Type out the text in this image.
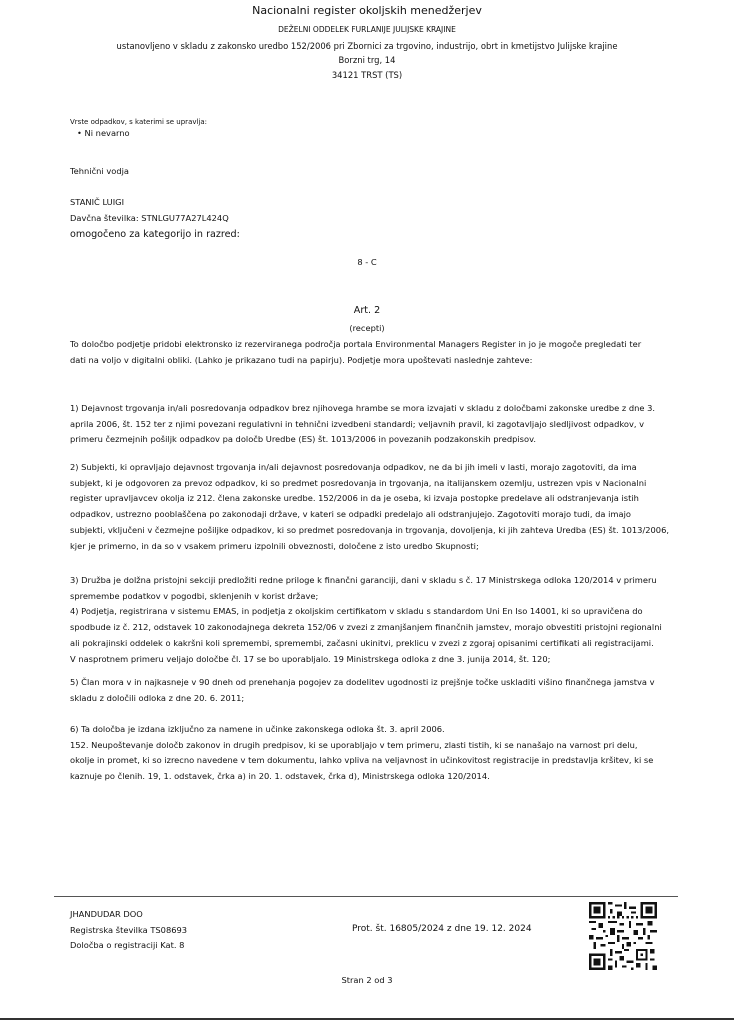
Nacionalni register okoljskih menedžerjev
DEŽELNI ODDELEK FURLANIJE JULIJSKE KRAJINE
ustanovljeno v skladu z zakonsko uredbo 152/2006 pri Zbornici za trgovino, industrijo, obrt in kmetijstvo Julijske krajine
Borzni trg, 14
34121 TRST (TS)
Vrste odpadkov, s katerimi se upravlja:
• Ni nevarno
Tehnični vodja
STANIČ LUIGI
Davčna številka: STNLGU77A27L424Q
omogočeno za kategorijo in razred:
8 - C
Art. 2
(recepti)
To določbo podjetje pridobi elektronsko iz rezerviranega področja portala Environmental Managers Register in jo je mogoče pregledati ter
dati na voljo v digitalni obliki. (Lahko je prikazano tudi na papirju). Podjetje mora upoštevati naslednje zahteve:
1) Dejavnost trgovanja in/ali posredovanja odpadkov brez njihovega hrambe se mora izvajati v skladu z določbami zakonske uredbe z dne 3.
aprila 2006, št. 152 ter z njimi povezani regulativni in tehnični izvedbeni standardi; veljavnih pravil, ki zagotavljajo sledljivost odpadkov, v
primeru čezmejnih pošiljk odpadkov pa določb Uredbe (ES) št. 1013/2006 in povezanih podzakonskih predpisov.
2) Subjekti, ki opravljajo dejavnost trgovanja in/ali dejavnost posredovanja odpadkov, ne da bi jih imeli v lasti, morajo zagotoviti, da ima
subjekt, ki je odgovoren za prevoz odpadkov, ki so predmet posredovanja in trgovanja, na italijanskem ozemlju, ustrezen vpis v Nacionalni
register upravljavcev okolja iz 212. člena zakonske uredbe. 152/2006 in da je oseba, ki izvaja postopke predelave ali odstranjevanja istih
odpadkov, ustrezno pooblaščena po zakonodaji države, v kateri se odpadki predelajo ali odstranjujejo. Zagotoviti morajo tudi, da imajo
subjekti, vključeni v čezmejne pošiljke odpadkov, ki so predmet posredovanja in trgovanja, dovoljenja, ki jih zahteva Uredba (ES) št. 1013/2006,
kjer je primerno, in da so v vsakem primeru izpolnili obveznosti, določene z isto uredbo Skupnosti;
3) Družba je dolžna pristojni sekciji predložiti redne priloge k finančni garanciji, dani v skladu s č. 17 Ministrskega odloka 120/2014 v primeru
spremembe podatkov v pogodbi, sklenjenih v korist države;
4) Podjetja, registrirana v sistemu EMAS, in podjetja z okoljskim certifikatom v skladu s standardom Uni En Iso 14001, ki so upravičena do
spodbude iz č. 212, odstavek 10 zakonodajnega dekreta 152/06 v zvezi z zmanjšanjem finančnih jamstev, morajo obvestiti pristojni regionalni
ali pokrajinski oddelek o kakršni koli spremembi, spremembi, začasni ukinitvi, preklicu v zvezi z zgoraj opisanimi certifikati ali registracijami.
V nasprotnem primeru veljajo določbe čl. 17 se bo uporabljalo. 19 Ministrskega odloka z dne 3. junija 2014, št. 120;
5) Član mora v in najkasneje v 90 dneh od prenehanja pogojev za dodelitev ugodnosti iz prejšnje točke uskladiti višino finančnega jamstva v
skladu z določili odloka z dne 20. 6. 2011;
6) Ta določba je izdana izključno za namene in učinke zakonskega odloka št. 3. april 2006.
152. Neupoštevanje določb zakonov in drugih predpisov, ki se uporabljajo v tem primeru, zlasti tistih, ki se nanašajo na varnost pri delu,
okolje in promet, ki so izrecno navedene v tem dokumentu, lahko vpliva na veljavnost in učinkovitost registracije in predstavlja kršitev, ki se
kaznuje po členih. 19, 1. odstavek, črka a) in 20. 1. odstavek, črka d), Ministrskega odloka 120/2014.
JHANDUDAR DOO
Registrska številka TS08693
Določba o registraciji Kat. 8
Prot. št. 16805/2024 z dne 19. 12. 2024
Stran 2 od 3
